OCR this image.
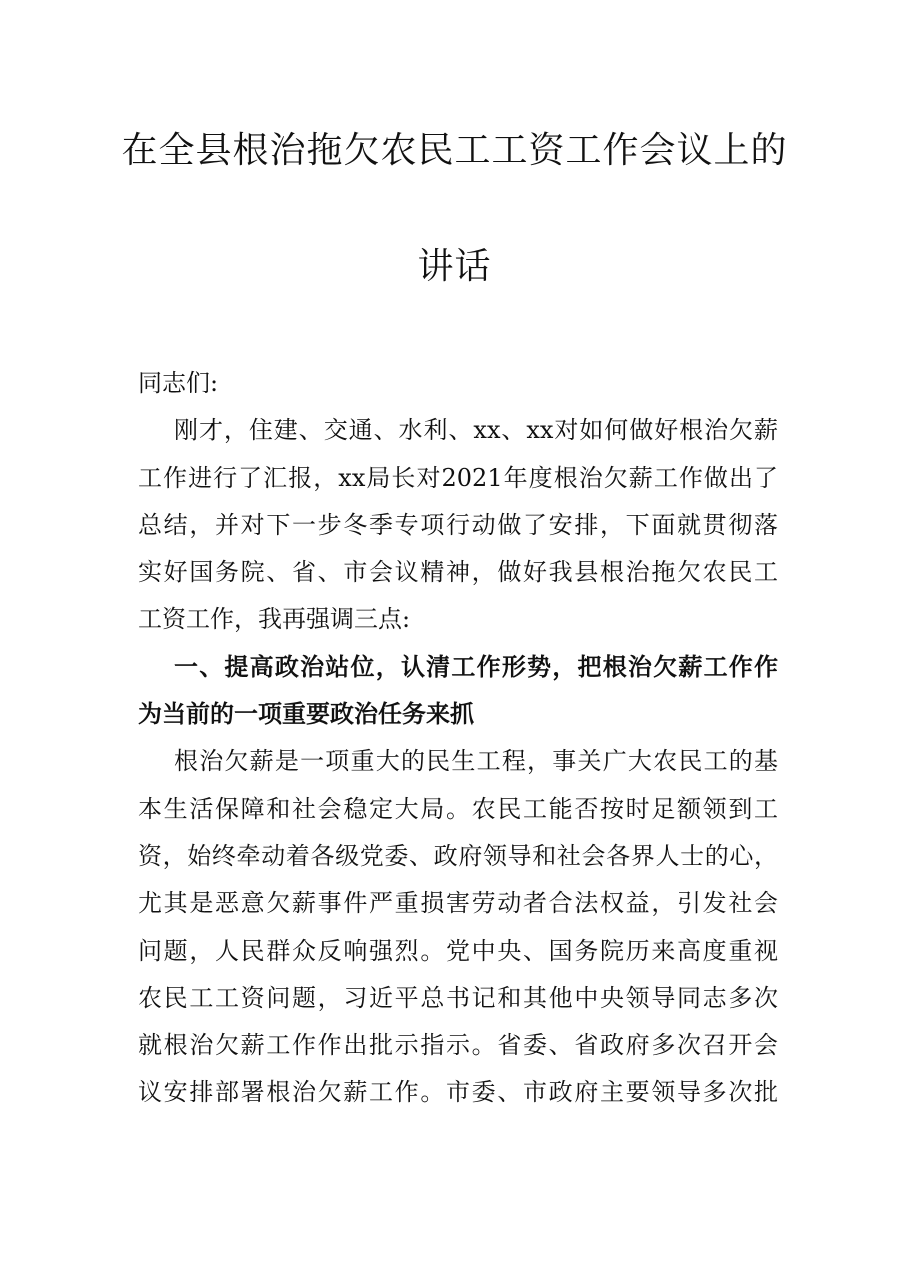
在全县根治拖欠农民工工资工作会议上的
讲话
同志们:
刚才，住建、交通、水利、xx、xx对如何做好根治欠薪
工作进行了汇报，xx局长对2021年度根治欠薪工作做出了
总结，并对下一步冬季专项行动做了安排，下面就贯彻落
实好国务院、省、市会议精神，做好我县根治拖欠农民工
工资工作，我再强调三点:
一、提高政治站位，认清工作形势，把根治欠薪工作作
为当前的一项重要政治任务来抓
根治欠薪是一项重大的民生工程，事关广大农民工的基
本生活保障和社会稳定大局。农民工能否按时足额领到工
资，始终牵动着各级党委、政府领导和社会各界人士的心，
尤其是恶意欠薪事件严重损害劳动者合法权益，引发社会
问题，人民群众反响强烈。党中央、国务院历来高度重视
农民工工资问题，习近平总书记和其他中央领导同志多次
就根治欠薪工作作出批示指示。省委、省政府多次召开会
议安排部署根治欠薪工作。市委、市政府主要领导多次批
